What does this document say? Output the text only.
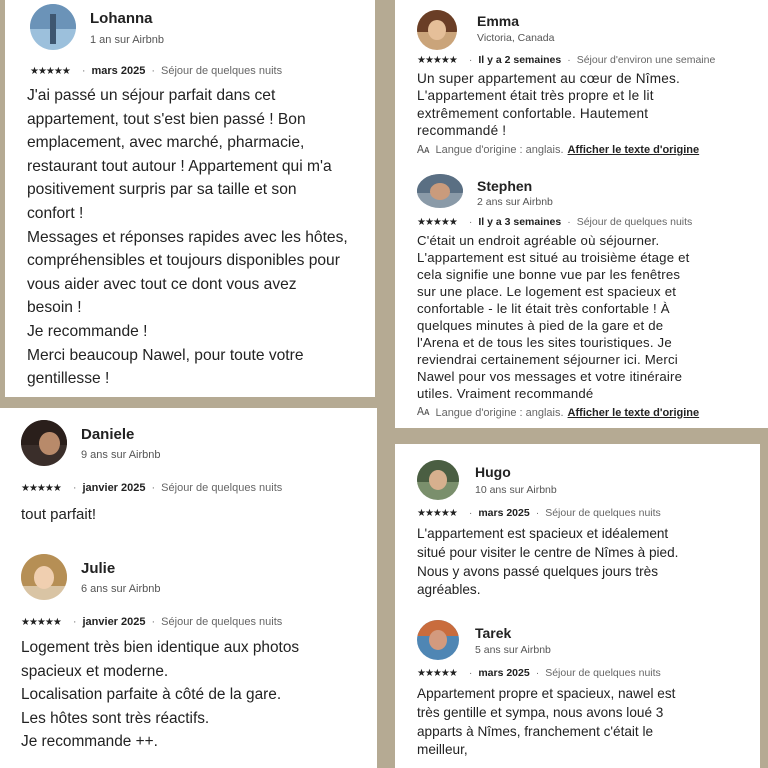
Lohanna
1 an sur Airbnb
★★★★★ · mars 2025 · Séjour de quelques nuits
J'ai passé un séjour parfait dans cet
appartement, tout s'est bien passé ! Bon
emplacement, avec marché, pharmacie,
restaurant tout autour ! Appartement qui m'a
positivement surpris par sa taille et son
confort !
Messages et réponses rapides avec les hôtes,
compréhensibles et toujours disponibles pour
vous aider avec tout ce dont vous avez
besoin !
Je recommande !
Merci beaucoup Nawel, pour toute votre
gentillesse !
Emma
Victoria, Canada
★★★★★ · Il y a 2 semaines · Séjour d'environ une semaine
Un super appartement au cœur de Nîmes.
L'appartement était très propre et le lit
extrêmement confortable. Hautement
recommandé !
🗛 Langue d'origine : anglais. Afficher le texte d'origine
Stephen
2 ans sur Airbnb
★★★★★ · Il y a 3 semaines · Séjour de quelques nuits
C'était un endroit agréable où séjourner.
L'appartement est situé au troisième étage et
cela signifie une bonne vue par les fenêtres
sur une place. Le logement est spacieux et
confortable - le lit était très confortable ! À
quelques minutes à pied de la gare et de
l'Arena et de tous les sites touristiques. Je
reviendrai certainement séjourner ici. Merci
Nawel pour vos messages et votre itinéraire
utiles. Vraiment recommandé
🗛 Langue d'origine : anglais. Afficher le texte d'origine
Daniele
9 ans sur Airbnb
★★★★★ · janvier 2025 · Séjour de quelques nuits
tout parfait!
Julie
6 ans sur Airbnb
★★★★★ · janvier 2025 · Séjour de quelques nuits
Logement très bien identique aux photos
spacieux et moderne.
Localisation parfaite à côté de la gare.
Les hôtes sont très réactifs.
Je recommande ++.
Hugo
10 ans sur Airbnb
★★★★★ · mars 2025 · Séjour de quelques nuits
L'appartement est spacieux et idéalement
situé pour visiter le centre de Nîmes à pied.
Nous y avons passé quelques jours très
agréables.
Tarek
5 ans sur Airbnb
★★★★★ · mars 2025 · Séjour de quelques nuits
Appartement propre et spacieux, nawel est
très gentille et sympa, nous avons loué 3
apparts à Nîmes, franchement c'était le
meilleur,
